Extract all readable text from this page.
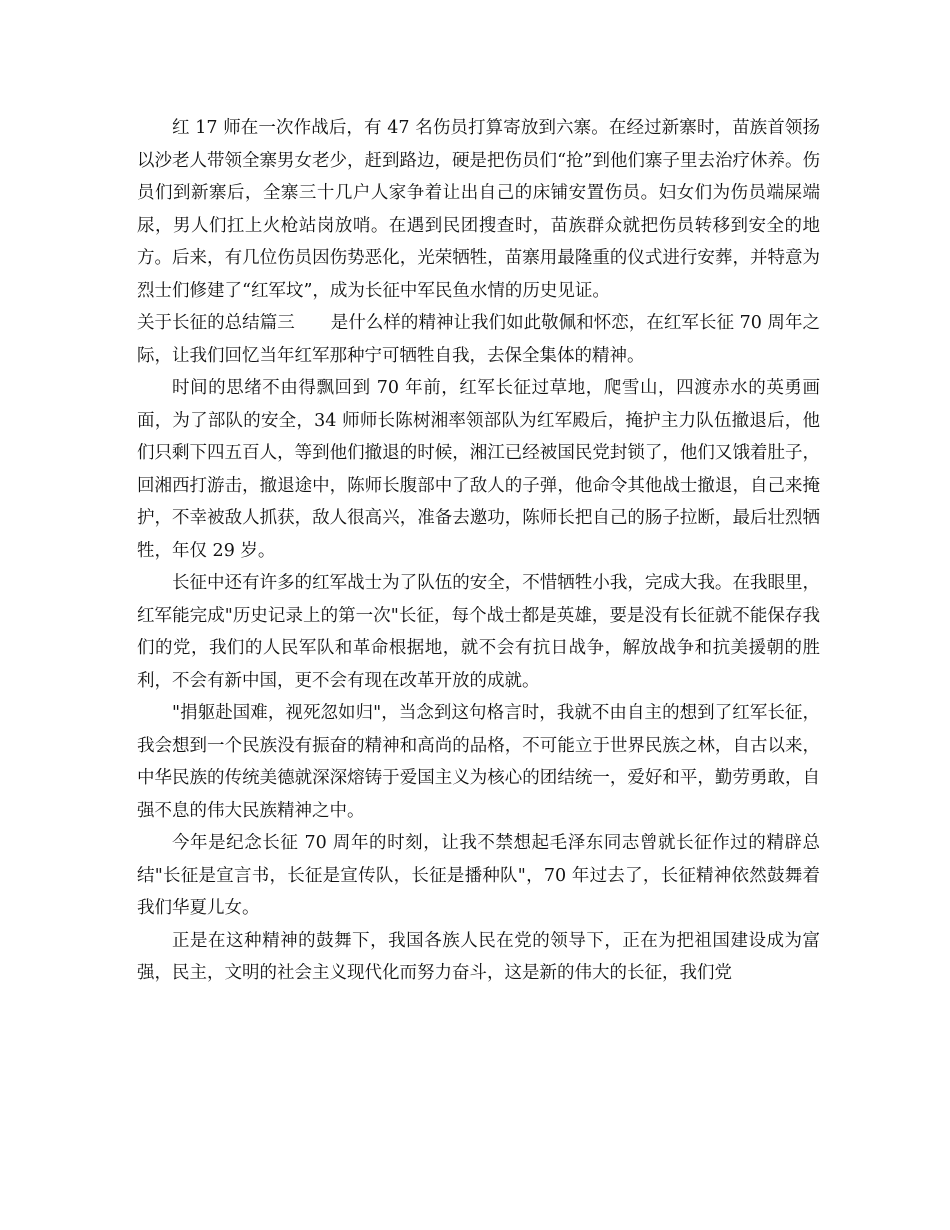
红 17 师在一次作战后，有 47 名伤员打算寄放到六寨。在经过新寨时，苗族首领扬以沙老人带领全寨男女老少，赶到路边，硬是把伤员们“抢”到他们寨子里去治疗休养。伤员们到新寨后，全寨三十几户人家争着让出自己的床铺安置伤员。妇女们为伤员端屎端尿，男人们扛上火枪站岗放哨。在遇到民团搜查时，苗族群众就把伤员转移到安全的地方。后来，有几位伤员因伤势恶化，光荣牺牲，苗寨用最隆重的仪式进行安葬，并特意为烈士们修建了“红军坟”，成为长征中军民鱼水情的历史见证。

关于长征的总结篇三 是什么样的精神让我们如此敬佩和怀恋，在红军长征 70 周年之际，让我们回忆当年红军那种宁可牺牲自我，去保全集体的精神。

时间的思绪不由得飘回到 70 年前，红军长征过草地，爬雪山，四渡赤水的英勇画面，为了部队的安全，34 师师长陈树湘率领部队为红军殿后，掩护主力队伍撤退后，他们只剩下四五百人，等到他们撤退的时候，湘江已经被国民党封锁了，他们又饿着肚子，回湘西打游击，撤退途中，陈师长腹部中了敌人的子弹，他命令其他战士撤退，自己来掩护，不幸被敌人抓获，敌人很高兴，准备去邀功，陈师长把自己的肠子拉断，最后壮烈牺牲，年仅 29 岁。

长征中还有许多的红军战士为了队伍的安全，不惜牺牲小我，完成大我。在我眼里，红军能完成"历史记录上的第一次"长征，每个战士都是英雄，要是没有长征就不能保存我们的党，我们的人民军队和革命根据地，就不会有抗日战争，解放战争和抗美援朝的胜利，不会有新中国，更不会有现在改革开放的成就。

"捐躯赴国难，视死忽如归"，当念到这句格言时，我就不由自主的想到了红军长征，我会想到一个民族没有振奋的精神和高尚的品格，不可能立于世界民族之林，自古以来，中华民族的传统美德就深深熔铸于爱国主义为核心的团结统一，爱好和平，勤劳勇敢，自强不息的伟大民族精神之中。

今年是纪念长征 70 周年的时刻，让我不禁想起毛泽东同志曾就长征作过的精辟总结"长征是宣言书，长征是宣传队，长征是播种队"，70 年过去了，长征精神依然鼓舞着我们华夏儿女。

正是在这种精神的鼓舞下，我国各族人民在党的领导下，正在为把祖国建设成为富强，民主，文明的社会主义现代化而努力奋斗，这是新的伟大的长征，我们党
